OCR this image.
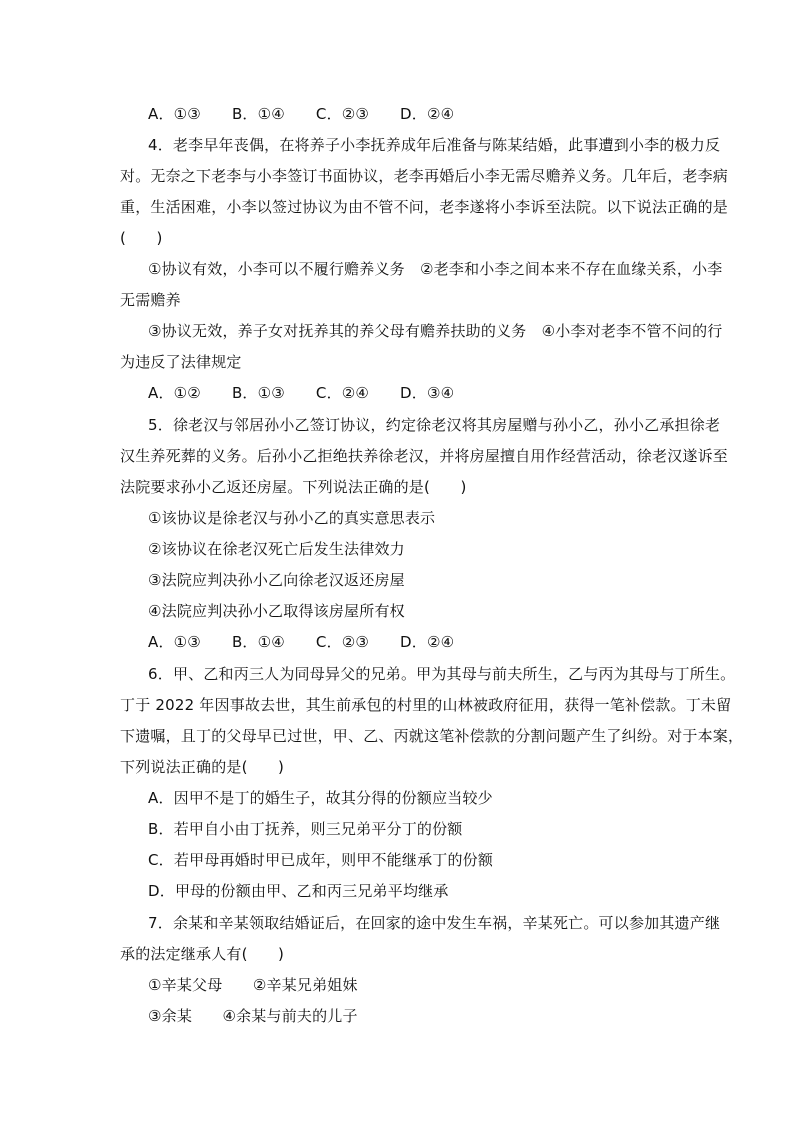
A．①③ B．①④ C．②③ D．②④
4．老李早年丧偶，在将养子小李抚养成年后准备与陈某结婚，此事遭到小李的极力反
对。无奈之下老李与小李签订书面协议，老李再婚后小李无需尽赡养义务。几年后，老李病
重，生活困难，小李以签过协议为由不管不问，老李遂将小李诉至法院。以下说法正确的是
(　　)
①协议有效，小李可以不履行赡养义务　②老李和小李之间本来不存在血缘关系，小李
无需赡养
③协议无效，养子女对抚养其的养父母有赡养扶助的义务　④小李对老李不管不问的行
为违反了法律规定
A．①② B．①③ C．②④ D．③④
5．徐老汉与邻居孙小乙签订协议，约定徐老汉将其房屋赠与孙小乙，孙小乙承担徐老
汉生养死葬的义务。后孙小乙拒绝扶养徐老汉，并将房屋擅自用作经营活动，徐老汉遂诉至
法院要求孙小乙返还房屋。下列说法正确的是(　　)
①该协议是徐老汉与孙小乙的真实意思表示
②该协议在徐老汉死亡后发生法律效力
③法院应判决孙小乙向徐老汉返还房屋
④法院应判决孙小乙取得该房屋所有权
A．①③ B．①④ C．②③ D．②④
6．甲、乙和丙三人为同母异父的兄弟。甲为其母与前夫所生，乙与丙为其母与丁所生。
丁于 2022 年因事故去世，其生前承包的村里的山林被政府征用，获得一笔补偿款。丁未留
下遗嘱，且丁的父母早已过世，甲、乙、丙就这笔补偿款的分割问题产生了纠纷。对于本案，
下列说法正确的是(　　)
A．因甲不是丁的婚生子，故其分得的份额应当较少
B．若甲自小由丁抚养，则三兄弟平分丁的份额
C．若甲母再婚时甲已成年，则甲不能继承丁的份额
D．甲母的份额由甲、乙和丙三兄弟平均继承
7．余某和辛某领取结婚证后，在回家的途中发生车祸，辛某死亡。可以参加其遗产继
承的法定继承人有(　　)
①辛某父母　　②辛某兄弟姐妹
③余某　　④余某与前夫的儿子
